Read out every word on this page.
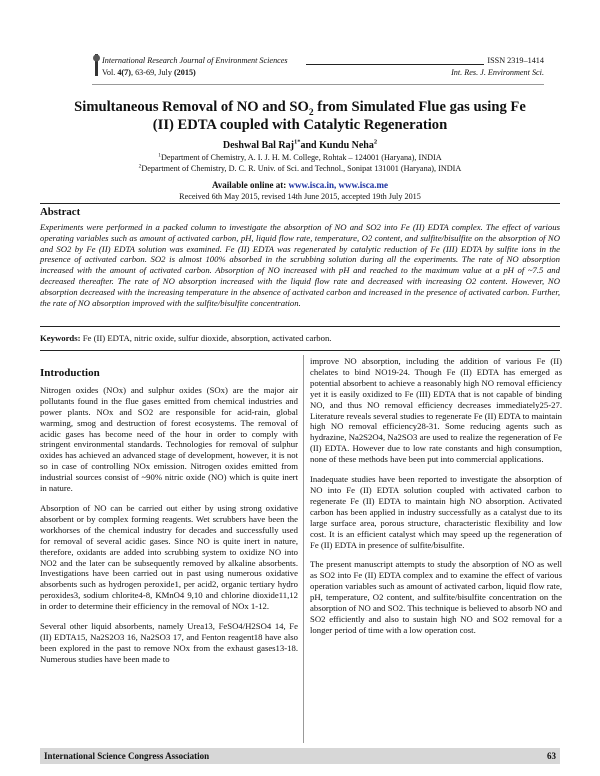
International Research Journal of Environment Sciences	ISSN 2319–1414
Vol. 4(7), 63-69, July (2015)	Int. Res. J. Environment Sci.
Simultaneous Removal of NO and $SO_2$ from Simulated Flue gas using Fe
(II) EDTA coupled with Catalytic Regeneration
Deshwal Bal Raj$^{1*}$and Kundu Neha$^2$
$^1$Department of Chemistry, A. I. J. H. M. College, Rohtak – 124001 (Haryana), INDIA
$^2$Department of Chemistry, D. C. R. Univ. of Sci. and Technol., Sonipat 131001 (Haryana), INDIA
Available online at: www.isca.in, www.isca.me
Received 6th May 2015, revised 14th June 2015, accepted 19th July 2015
Abstract
Experiments were performed in a packed column to investigate the absorption of NO and SO2 into Fe (II) EDTA complex. The effect of various operating variables such as amount of activated carbon, pH, liquid flow rate, temperature, O2 content, and sulfite/bisulfite on the absorption of NO and SO2 by Fe (II) EDTA solution was examined. Fe (II) EDTA was regenerated by catalytic reduction of Fe (III) EDTA by sulfite ions in the presence of activated carbon. SO2 is almost 100% absorbed in the scrubbing solution during all the experiments. The rate of NO absorption increased with the amount of activated carbon. Absorption of NO increased with pH and reached to the maximum value at a pH of ~7.5 and decreased thereafter. The rate of NO absorption increased with the liquid flow rate and decreased with increasing O2 content. However, NO absorption decreased with the increasing temperature in the absence of activated carbon and increased in the presence of activated carbon. Further, the rate of NO absorption improved with the sulfite/bisulfite concentration.
Keywords: Fe (II) EDTA, nitric oxide, sulfur dioxide, absorption, activated carbon.
Introduction

Nitrogen oxides (NOx) and sulphur oxides (SOx) are the major air pollutants found in the flue gases emitted from chemical industries and power plants. NOx and SO2 are responsible for acid-rain, global warming, smog and destruction of forest ecosystems. The removal of acidic gases has become need of the hour in order to comply with stringent environmental standards. Technologies for removal of sulphur oxides has achieved an advanced stage of development, however, it is not so in case of controlling NOx emission. Nitrogen oxides emitted from industrial sources consist of ~90% nitric oxide (NO) which is quite inert in nature.

Absorption of NO can be carried out either by using strong oxidative absorbent or by complex forming reagents. Wet scrubbers have been the workhorses of the chemical industry for decades and successfully used for removal of several acidic gases. Since NO is quite inert in nature, therefore, oxidants are added into scrubbing system to oxidize NO into NO2 and the later can be subsequently removed by alkaline absorbents. Investigations have been carried out in past using numerous oxidative absorbents such as hydrogen peroxide1, per acid2, organic tertiary hydro peroxides3, sodium chlorite4-8, KMnO4 9,10 and chlorine dioxide11,12 in order to determine their efficiency in the removal of NOx 1-12.

Several other liquid absorbents, namely Urea13, FeSO4/H2SO4 14, Fe (II) EDTA15, Na2S2O3 16, Na2SO3 17, and Fenton reagent18 have also been explored in the past to remove NOx from the exhaust gases13-18. Numerous studies have been made to

improve NO absorption, including the addition of various Fe (II) chelates to bind NO19-24. Though Fe (II) EDTA has emerged as potential absorbent to achieve a reasonably high NO removal efficiency yet it is easily oxidized to Fe (III) EDTA that is not capable of binding NO, and thus NO removal efficiency decreases immediately25-27. Literature reveals several studies to regenerate Fe (II) EDTA to maintain high NO removal efficiency28-31. Some reducing agents such as hydrazine, Na2S2O4, Na2SO3 are used to realize the regeneration of Fe (II) EDTA. However due to low rate constants and high consumption, none of these methods have been put into commercial applications.

Inadequate studies have been reported to investigate the absorption of NO into Fe (II) EDTA solution coupled with activated carbon to regenerate Fe (II) EDTA to maintain high NO absorption. Activated carbon has been applied in industry successfully as a catalyst due to its large surface area, porous structure, characteristic flexibility and low cost. It is an efficient catalyst which may speed up the regeneration of Fe (II) EDTA in presence of sulfite/bisulfite.

The present manuscript attempts to study the absorption of NO as well as SO2 into Fe (II) EDTA complex and to examine the effect of various operation variables such as amount of activated carbon, liquid flow rate, pH, temperature, O2 content, and sulfite/bisulfite concentration on the absorption of NO and SO2. This technique is believed to absorb NO and SO2 efficiently and also to sustain high NO and SO2 removal for a longer period of time with a low operation cost.

International Science Congress Association	63
